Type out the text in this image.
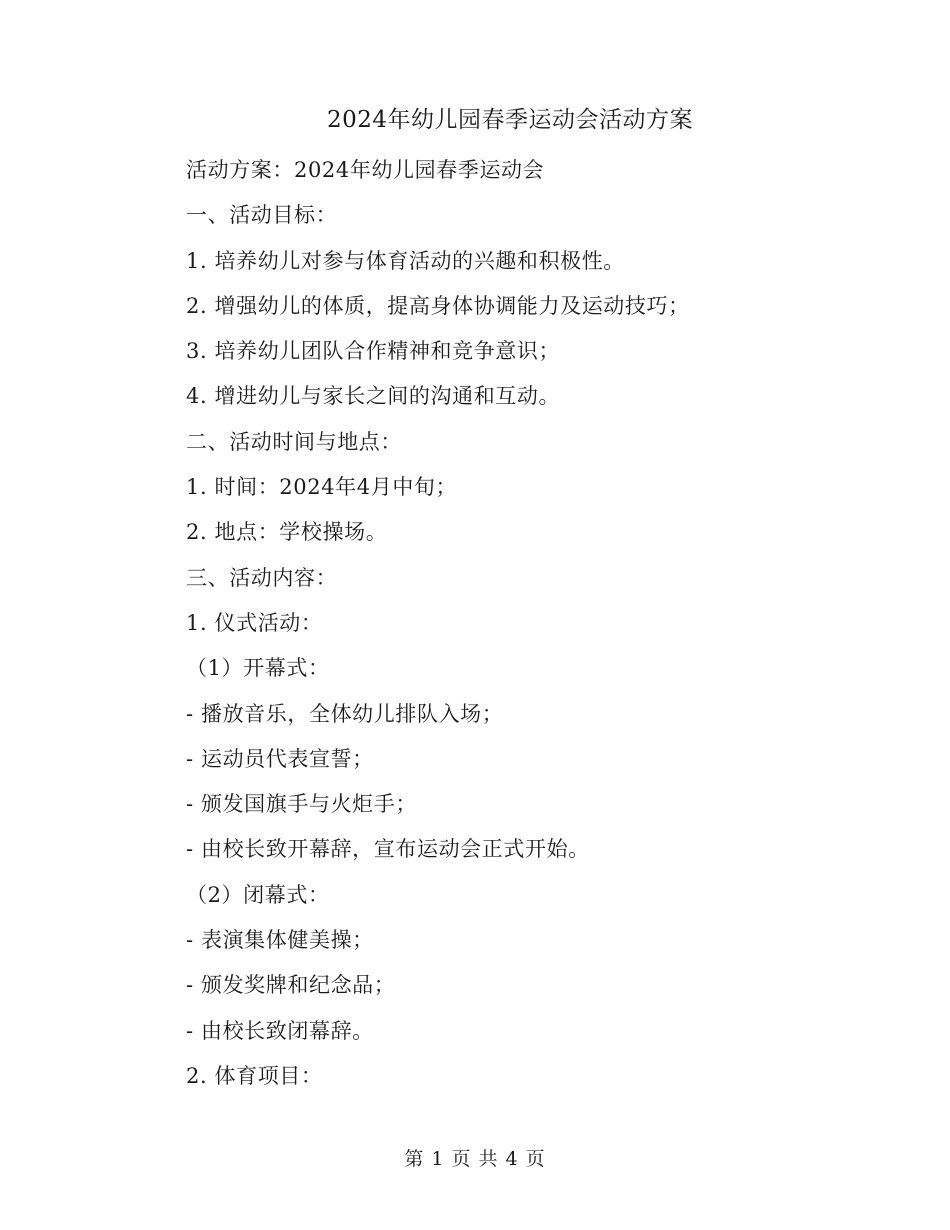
2024年幼儿园春季运动会活动方案
活动方案：2024年幼儿园春季运动会
一、活动目标：
1. 培养幼儿对参与体育活动的兴趣和积极性。
2. 增强幼儿的体质，提高身体协调能力及运动技巧；
3. 培养幼儿团队合作精神和竞争意识；
4. 增进幼儿与家长之间的沟通和互动。
二、活动时间与地点：
1. 时间：2024年4月中旬；
2. 地点：学校操场。
三、活动内容：
1. 仪式活动：
（1）开幕式：
- 播放音乐，全体幼儿排队入场；
- 运动员代表宣誓；
- 颁发国旗手与火炬手；
- 由校长致开幕辞，宣布运动会正式开始。
（2）闭幕式：
- 表演集体健美操；
- 颁发奖牌和纪念品；
- 由校长致闭幕辞。
2. 体育项目：
第 1 页 共 4 页
